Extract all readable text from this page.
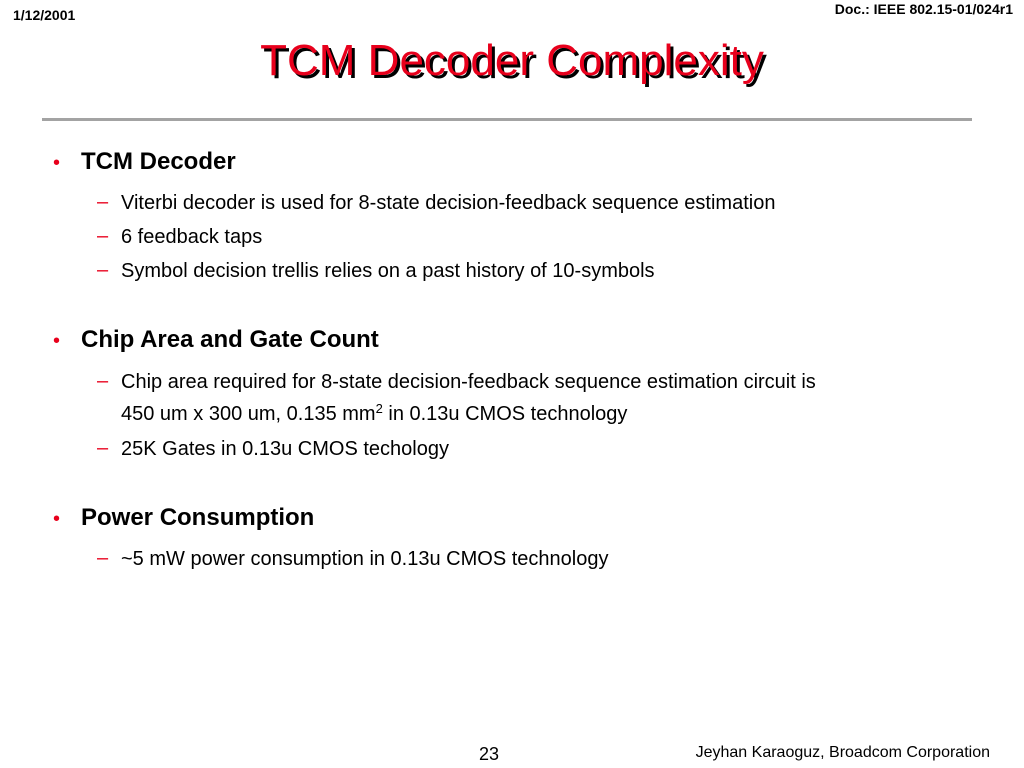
1/12/2001	Doc.: IEEE 802.15-01/024r1
TCM Decoder Complexity
• TCM Decoder
– Viterbi decoder is used for 8-state decision-feedback sequence estimation
– 6 feedback taps
– Symbol decision trellis relies on a past history of 10-symbols
• Chip Area and Gate Count
– Chip area required for 8-state decision-feedback sequence estimation circuit is
450 um x 300 um, 0.135 $mm^2$ in 0.13u CMOS technology
– 25K Gates in 0.13u CMOS techology
• Power Consumption
– ~5 mW power consumption in 0.13u CMOS technology
23	Jeyhan Karaoguz, Broadcom Corporation
